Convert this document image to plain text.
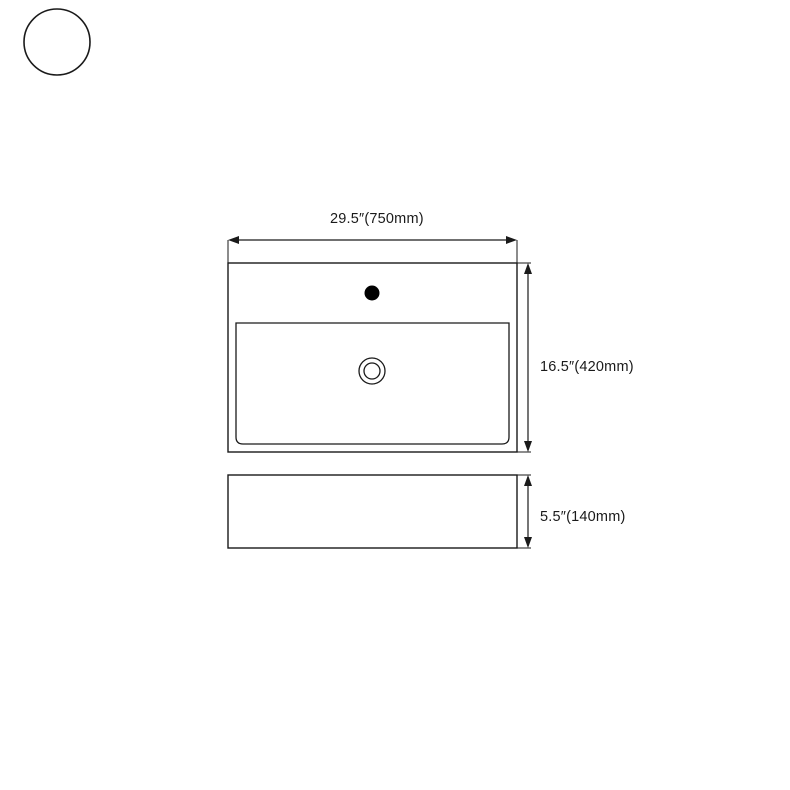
29.5″(750mm)
16.5″(420mm)
5.5″(140mm)
